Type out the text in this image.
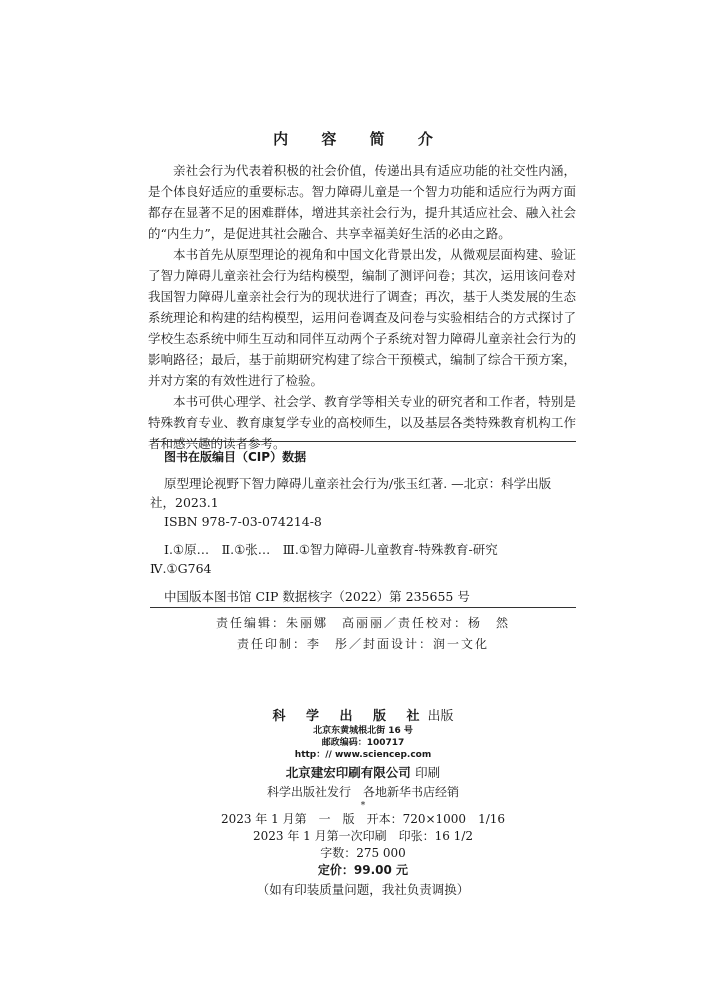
内 容 简 介

亲社会行为代表着积极的社会价值，传递出具有适应功能的社交性内涵，是个体良好适应的重要标志。智力障碍儿童是一个智力功能和适应行为两方面都存在显著不足的困难群体，增进其亲社会行为，提升其适应社会、融入社会的“内生力”，是促进其社会融合、共享幸福美好生活的必由之路。

本书首先从原型理论的视角和中国文化背景出发，从微观层面构建、验证了智力障碍儿童亲社会行为结构模型，编制了测评问卷；其次，运用该问卷对我国智力障碍儿童亲社会行为的现状进行了调查；再次，基于人类发展的生态系统理论和构建的结构模型，运用问卷调查及问卷与实验相结合的方式探讨了学校生态系统中师生互动和同伴互动两个子系统对智力障碍儿童亲社会行为的影响路径；最后，基于前期研究构建了综合干预模式，编制了综合干预方案，并对方案的有效性进行了检验。

本书可供心理学、社会学、教育学等相关专业的研究者和工作者，特别是特殊教育专业、教育康复学专业的高校师生，以及基层各类特殊教育机构工作者和感兴趣的读者参考。

图书在版编目（CIP）数据
原型理论视野下智力障碍儿童亲社会行为/张玉红著. —北京：科学出版
社，2023.1
ISBN 978-7-03-074214-8
Ⅰ.①原…　Ⅱ.①张…　Ⅲ.①智力障碍-儿童教育-特殊教育-研究
Ⅳ.①G764
中国版本图书馆 CIP 数据核字（2022）第 235655 号
责任编辑：朱丽娜　高丽丽／责任校对：杨　然
责任印制：李　彤／封面设计：润一文化
科 学 出 版 社出版
北京东黄城根北街 16 号
邮政编码：100717
http：// www.sciencep.com
北京建宏印刷有限公司 印刷
科学出版社发行　各地新华书店经销
*
2023 年 1 月第　一　版　开本：720×1000　1/16
2023 年 1 月第一次印刷　印张：16 1/2
字数：275 000
定价：99.00 元
（如有印装质量问题，我社负责调换）
